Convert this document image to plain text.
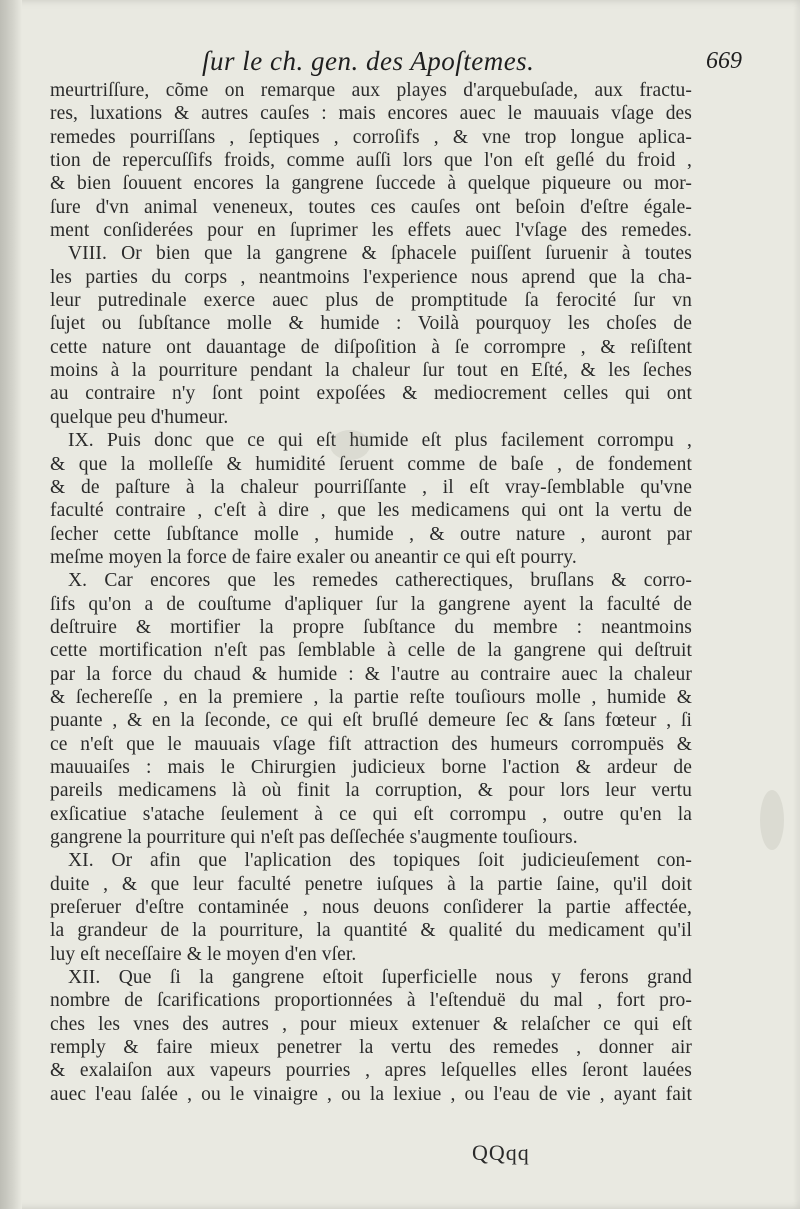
ſur le ch. gen. des Apoſtemes.	669
meurtriſſure, cõme on remarque aux playes d'arquebuſade, aux fractu-
res, luxations & autres cauſes : mais encores auec le mauuais vſage des
remedes pourriſſans , ſeptiques , corroſifs , & vne trop longue aplica-
tion de repercuſſifs froids, comme auſſi lors que l'on eſt geſlé du froid ,
& bien ſouuent encores la gangrene ſuccede à quelque piqueure ou mor-
ſure d'vn animal veneneux, toutes ces cauſes ont beſoin d'eſtre égale-
ment conſiderées pour en ſuprimer les effets auec l'vſage des remedes.
VIII. Or bien que la gangrene & ſphacele puiſſent ſuruenir à toutes
les parties du corps , neantmoins l'experience nous aprend que la cha-
leur putredinale exerce auec plus de promptitude ſa ferocité ſur vn
ſujet ou ſubſtance molle & humide : Voilà pourquoy les choſes de
cette nature ont dauantage de diſpoſition à ſe corrompre , & reſiſtent
moins à la pourriture pendant la chaleur ſur tout en Eſté, & les ſeches
au contraire n'y ſont point expoſées & mediocrement celles qui ont
quelque peu d'humeur.
IX. Puis donc que ce qui eſt humide eſt plus facilement corrompu ,
& que la molleſſe & humidité ſeruent comme de baſe , de fondement
& de paſture à la chaleur pourriſſante , il eſt vray-ſemblable qu'vne
faculté contraire , c'eſt à dire , que les medicamens qui ont la vertu de
ſecher cette ſubſtance molle , humide , & outre nature , auront par
meſme moyen la force de faire exaler ou aneantir ce qui eſt pourry.
X. Car encores que les remedes catherectiques, bruſlans & corro-
ſifs qu'on a de couſtume d'apliquer ſur la gangrene ayent la faculté de
deſtruire & mortifier la propre ſubſtance du membre : neantmoins
cette mortification n'eſt pas ſemblable à celle de la gangrene qui deſtruit
par la force du chaud & humide : & l'autre au contraire auec la chaleur
& ſechereſſe , en la premiere , la partie reſte touſiours molle , humide &
puante , & en la ſeconde, ce qui eſt bruſlé demeure ſec & ſans fœteur , ſi
ce n'eſt que le mauuais vſage fiſt attraction des humeurs corrompuës &
mauuaiſes : mais le Chirurgien judicieux borne l'action & ardeur de
pareils medicamens là où finit la corruption, & pour lors leur vertu
exſicatiue s'atache ſeulement à ce qui eſt corrompu , outre qu'en la
gangrene la pourriture qui n'eſt pas deſſechée s'augmente touſiours.
XI. Or afin que l'aplication des topiques ſoit judicieuſement con-
duite , & que leur faculté penetre iuſques à la partie ſaine, qu'il doit
preſeruer d'eſtre contaminée , nous deuons conſiderer la partie affectée,
la grandeur de la pourriture, la quantité & qualité du medicament qu'il
luy eſt neceſſaire & le moyen d'en vſer.
XII. Que ſi la gangrene eſtoit ſuperficielle nous y ferons grand
nombre de ſcarifications proportionnées à l'eſtenduë du mal , fort pro-
ches les vnes des autres , pour mieux extenuer & relaſcher ce qui eſt
remply & faire mieux penetrer la vertu des remedes , donner air
& exalaiſon aux vapeurs pourries , apres leſquelles elles ſeront lauées
auec l'eau ſalée , ou le vinaigre , ou la lexiue , ou l'eau de vie , ayant fait
QQqq
